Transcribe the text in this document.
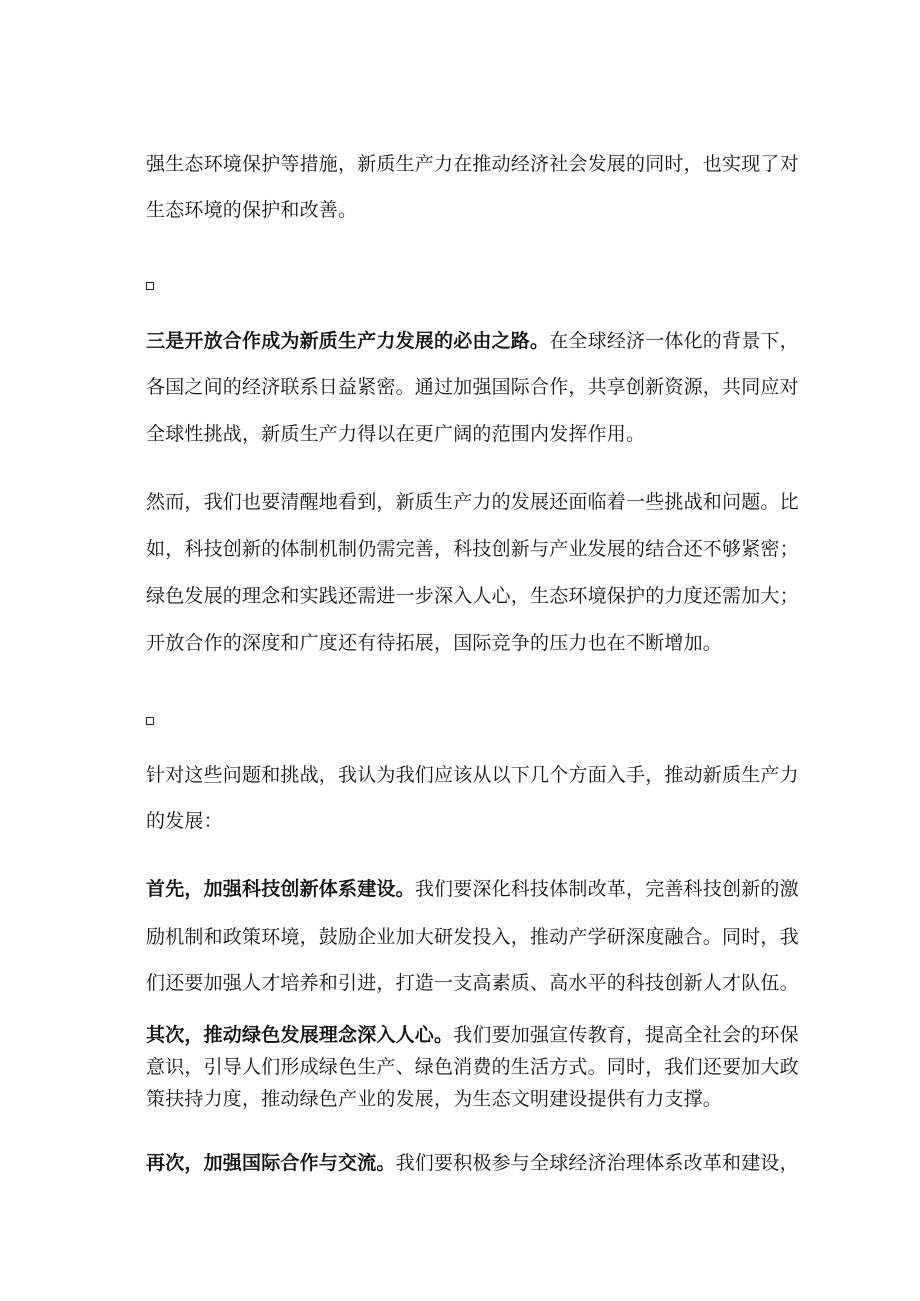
强生态环境保护等措施，新质生产力在推动经济社会发展的同时，也实现了对
生态环境的保护和改善。
三是开放合作成为新质生产力发展的必由之路。在全球经济一体化的背景下，
各国之间的经济联系日益紧密。通过加强国际合作，共享创新资源，共同应对
全球性挑战，新质生产力得以在更广阔的范围内发挥作用。
然而，我们也要清醒地看到，新质生产力的发展还面临着一些挑战和问题。比
如，科技创新的体制机制仍需完善，科技创新与产业发展的结合还不够紧密；
绿色发展的理念和实践还需进一步深入人心，生态环境保护的力度还需加大；
开放合作的深度和广度还有待拓展，国际竞争的压力也在不断增加。
针对这些问题和挑战，我认为我们应该从以下几个方面入手，推动新质生产力
的发展：
首先，加强科技创新体系建设。我们要深化科技体制改革，完善科技创新的激
励机制和政策环境，鼓励企业加大研发投入，推动产学研深度融合。同时，我
们还要加强人才培养和引进，打造一支高素质、高水平的科技创新人才队伍。
其次，推动绿色发展理念深入人心。我们要加强宣传教育，提高全社会的环保
意识，引导人们形成绿色生产、绿色消费的生活方式。同时，我们还要加大政
策扶持力度，推动绿色产业的发展，为生态文明建设提供有力支撑。
再次，加强国际合作与交流。我们要积极参与全球经济治理体系改革和建设，
